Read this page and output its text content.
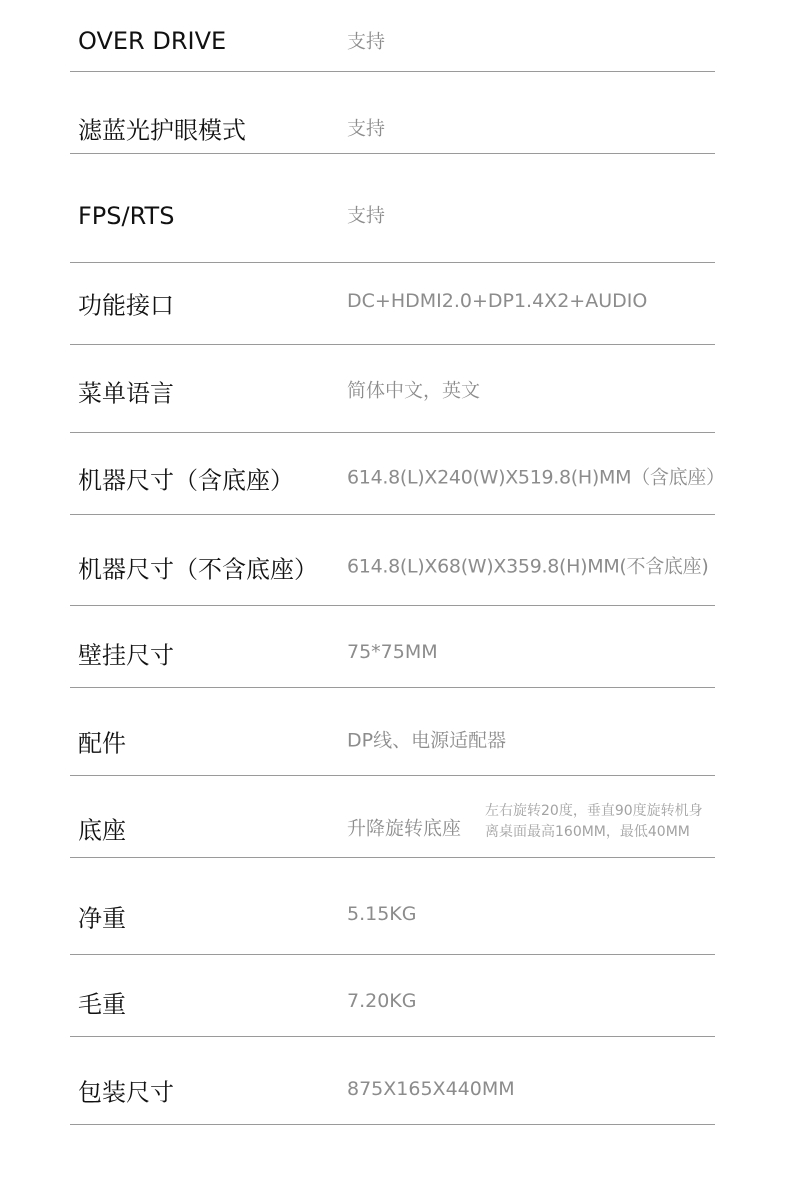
OVER DRIVE	支持
滤蓝光护眼模式	支持
FPS/RTS	支持
功能接口	DC+HDMI2.0+DP1.4X2+AUDIO
菜单语言	简体中文，英文
机器尺寸（含底座）	614.8(L)X240(W)X519.8(H)MM（含底座）
机器尺寸（不含底座） 614.8(L)X68(W)X359.8(H)MM(不含底座)
壁挂尺寸	75*75MM
配件	DP线、电源适配器
底座	升降旋转底座
左右旋转20度，垂直90度旋转机身
离桌面最高160MM，最低40MM
净重	5.15KG
毛重	7.20KG
包装尺寸	875X165X440MM
